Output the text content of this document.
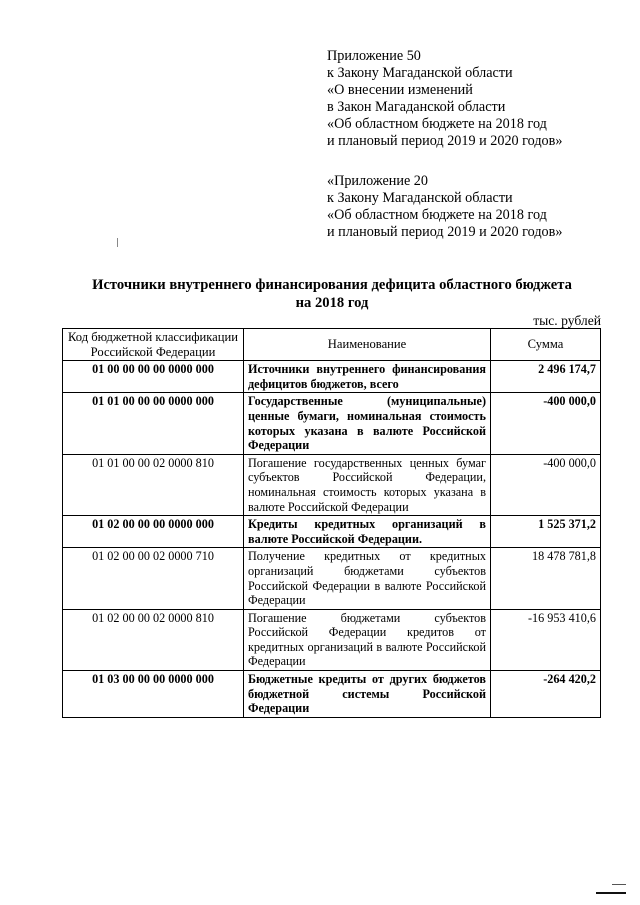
Приложение 50
к Закону Магаданской области
«О внесении изменений
в Закон Магаданской области
«Об областном бюджете на 2018 год
и плановый период 2019 и 2020 годов»
«Приложение 20
к Закону Магаданской области
«Об областном бюджете на 2018 год
и плановый период 2019 и 2020 годов»
Источники внутреннего финансирования дефицита областного бюджета
на 2018 год
тыс. рублей
Код бюджетной классификации Российской Федерации	Наименование	Сумма
01 00 00 00 00 0000 000	Источники внутреннего финансирования дефицитов бюджетов, всего	2 496 174,7
01 01 00 00 00 0000 000	Государственные (муниципальные) ценные бумаги, номинальная стоимость которых указана в валюте Российской Федерации	-400 000,0
01 01 00 00 02 0000 810	Погашение государственных ценных бумаг субъектов Российской Федерации, номинальная стоимость которых указана в валюте Российской Федерации	-400 000,0
01 02 00 00 00 0000 000	Кредиты кредитных организаций в валюте Российской Федерации.	1 525 371,2
01 02 00 00 02 0000 710	Получение кредитных от кредитных организаций бюджетами субъектов Российской Федерации в валюте Российской Федерации	18 478 781,8
01 02 00 00 02 0000 810	Погашение бюджетами субъектов Российской Федерации кредитов от кредитных организаций в валюте Российской Федерации	-16 953 410,6
01 03 00 00 00 0000 000	Бюджетные кредиты от других бюджетов бюджетной системы Российской Федерации	-264 420,2
